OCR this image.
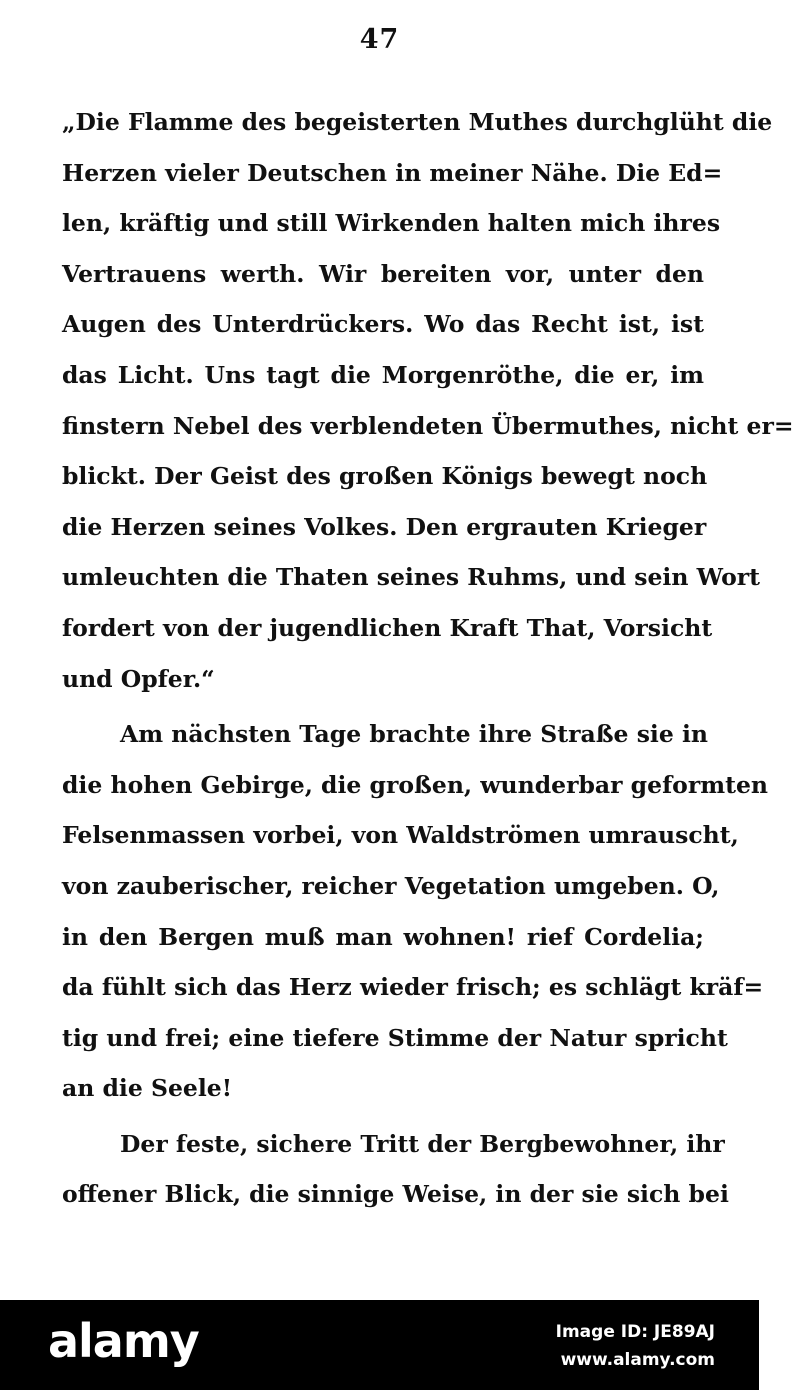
47
„Die Flamme des begeisterten Muthes durchglüht die
Herzen vieler Deutschen in meiner Nähe. Die Ed=
len, kräftig und still Wirkenden halten mich ihres
Vertrauens werth. Wir bereiten vor, unter den
Augen des Unterdrückers. Wo das Recht ist, ist
das Licht. Uns tagt die Morgenröthe, die er, im
finstern Nebel des verblendeten Übermuthes, nicht er=
blickt. Der Geist des großen Königs bewegt noch
die Herzen seines Volkes. Den ergrauten Krieger
umleuchten die Thaten seines Ruhms, und sein Wort
fordert von der jugendlichen Kraft That, Vorsicht
und Opfer.“
Am nächsten Tage brachte ihre Straße sie in
die hohen Gebirge, die großen, wunderbar geformten
Felsenmassen vorbei, von Waldströmen umrauscht,
von zauberischer, reicher Vegetation umgeben. O,
in den Bergen muß man wohnen! rief Cordelia;
da fühlt sich das Herz wieder frisch; es schlägt kräf=
tig und frei; eine tiefere Stimme der Natur spricht
an die Seele!
Der feste, sichere Tritt der Bergbewohner, ihr
offener Blick, die sinnige Weise, in der sie sich bei
alamy	Image ID: JE89AJ
www.alamy.com
